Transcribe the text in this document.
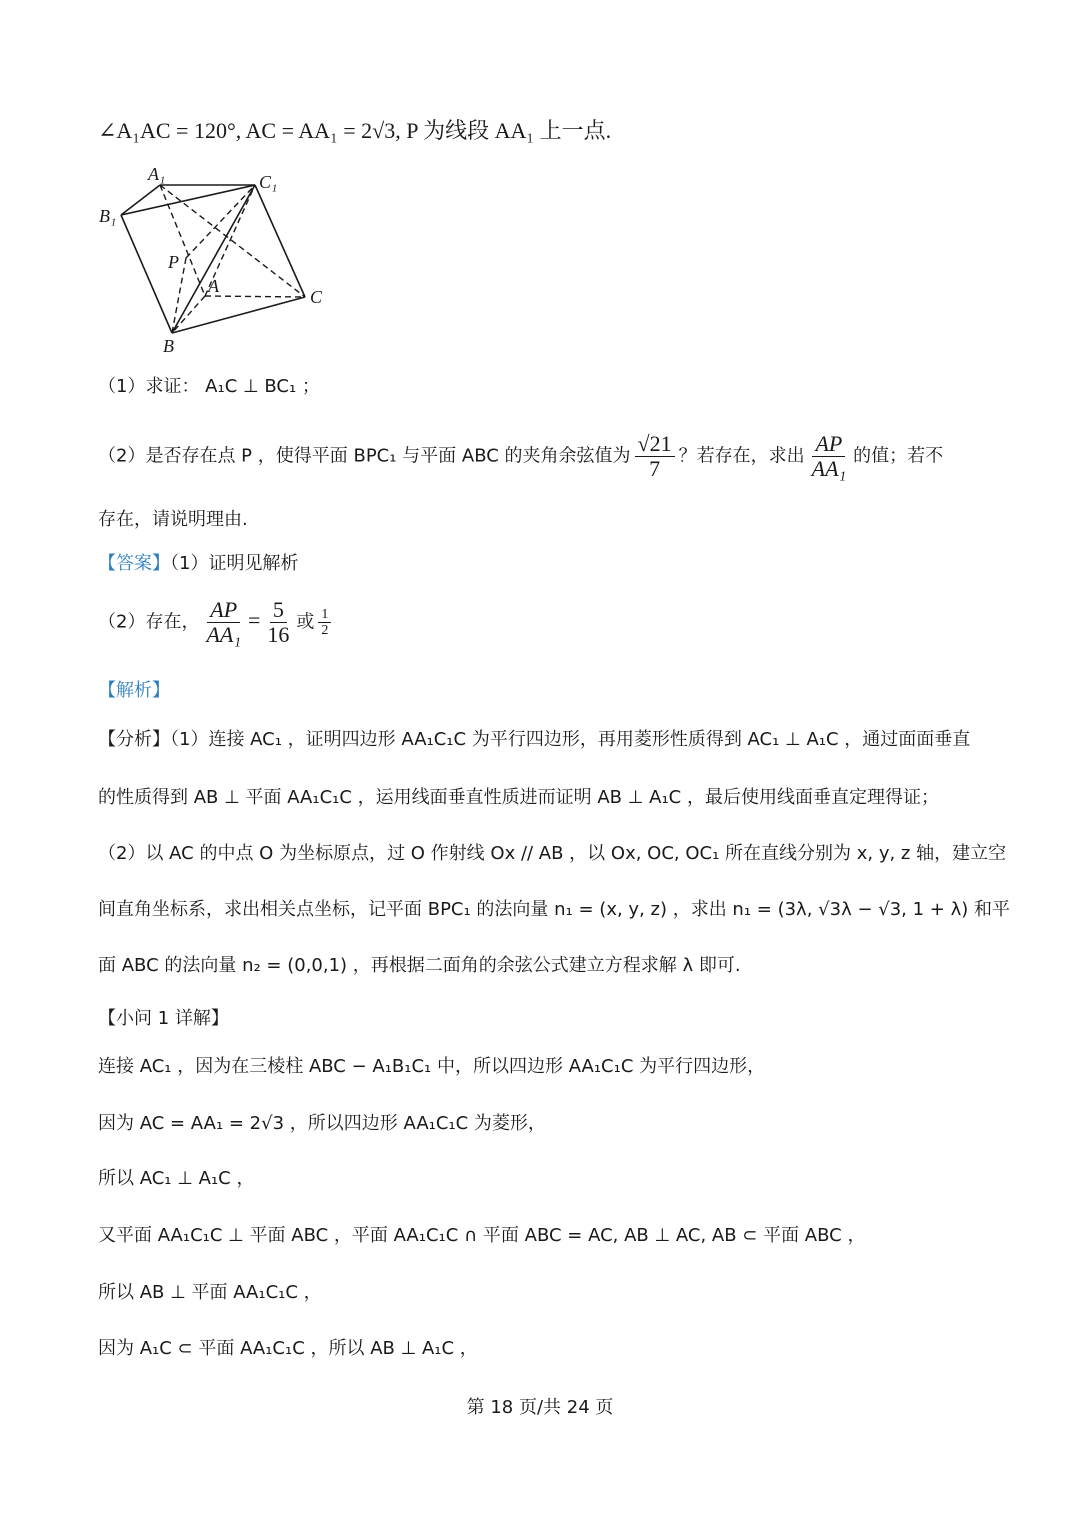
∠A₁AC = 120°, AC = AA₁ = 2√3, P 为线段 AA₁ 上一点.
A₁	C₁
B₁
P
A
C
B
（1）求证： A₁C ⊥ BC₁ ；
（2）是否存在点 P ，使得平面 BPC₁ 与平面 ABC 的夹角余弦值为 $\frac{√21}{7}$ ？若存在，求出 $\frac{AP}{\text{AA₁}}$ 的值；若不
存在，请说明理由.
【答案】（1）证明见解析
（2）存在， $\frac{AP}{\text{AA₁}} = \frac{5}{16}$ 或 $\frac{1}{2}$
【解析】
【分析】（1）连接 AC₁ ，证明四边形 AA₁C₁C 为平行四边形，再用菱形性质得到 AC₁ ⊥ A₁C ，通过面面垂直
的性质得到 AB ⊥ 平面 AA₁C₁C ，运用线面垂直性质进而证明 AB ⊥ A₁C ，最后使用线面垂直定理得证；
（2）以 AC 的中点 O 为坐标原点，过 O 作射线 Ox // AB ，以 Ox, OC, OC₁ 所在直线分别为 x, y, z 轴，建立空
间直角坐标系，求出相关点坐标，记平面 BPC₁ 的法向量 n₁ = (x, y, z) ，求出 n₁ = (3λ, √3λ − √3, 1 + λ) 和平
面 ABC 的法向量 n₂ = (0,0,1) ，再根据二面角的余弦公式建立方程求解 λ 即可.
【小问 1 详解】
连接 AC₁ ，因为在三棱柱 ABC − A₁B₁C₁ 中，所以四边形 AA₁C₁C 为平行四边形，
因为 AC = AA₁ = 2√3 ，所以四边形 AA₁C₁C 为菱形，
所以 AC₁ ⊥ A₁C ，
又平面 AA₁C₁C ⊥ 平面 ABC ，平面 AA₁C₁C ∩ 平面 ABC = AC, AB ⊥ AC, AB ⊂ 平面 ABC ，
所以 AB ⊥ 平面 AA₁C₁C ，
因为 A₁C ⊂ 平面 AA₁C₁C ，所以 AB ⊥ A₁C ，
第 18 页/共 24 页
